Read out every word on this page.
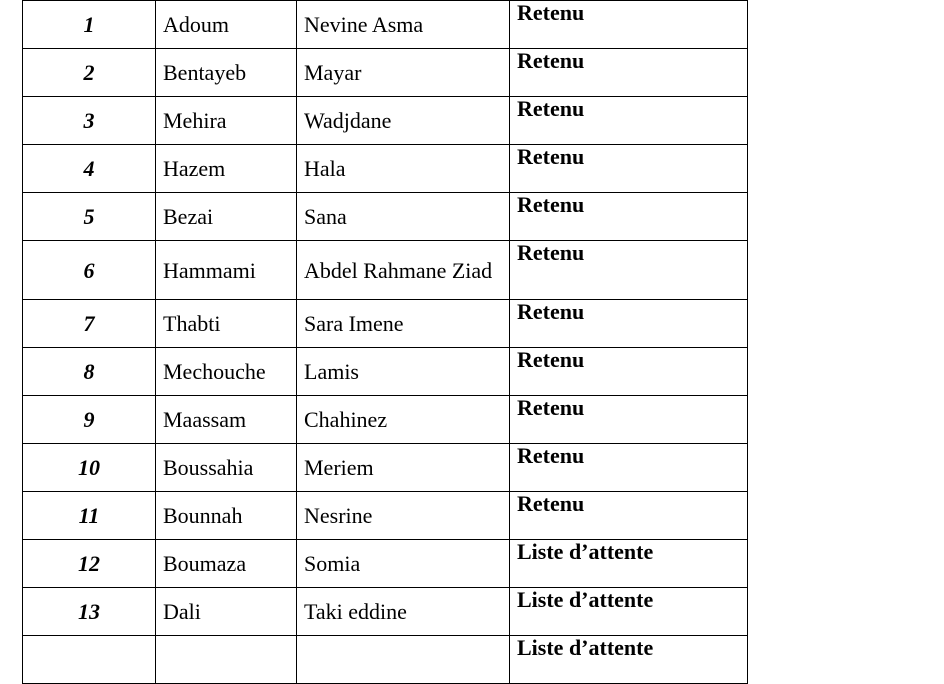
1	Adoum	Nevine Asma	Retenu
2	Bentayeb	Mayar	Retenu
3	Mehira	Wadjdane	Retenu
4	Hazem	Hala	Retenu
5	Bezai	Sana	Retenu
6	Hammami	Abdel Rahmane Ziad	Retenu
7	Thabti	Sara Imene	Retenu
8	Mechouche	Lamis	Retenu
9	Maassam	Chahinez	Retenu
10	Boussahia	Meriem	Retenu
11	Bounnah	Nesrine	Retenu
12	Boumaza	Somia	Liste d’attente
13	Dali	Taki eddine	Liste d’attente
			Liste d’attente
